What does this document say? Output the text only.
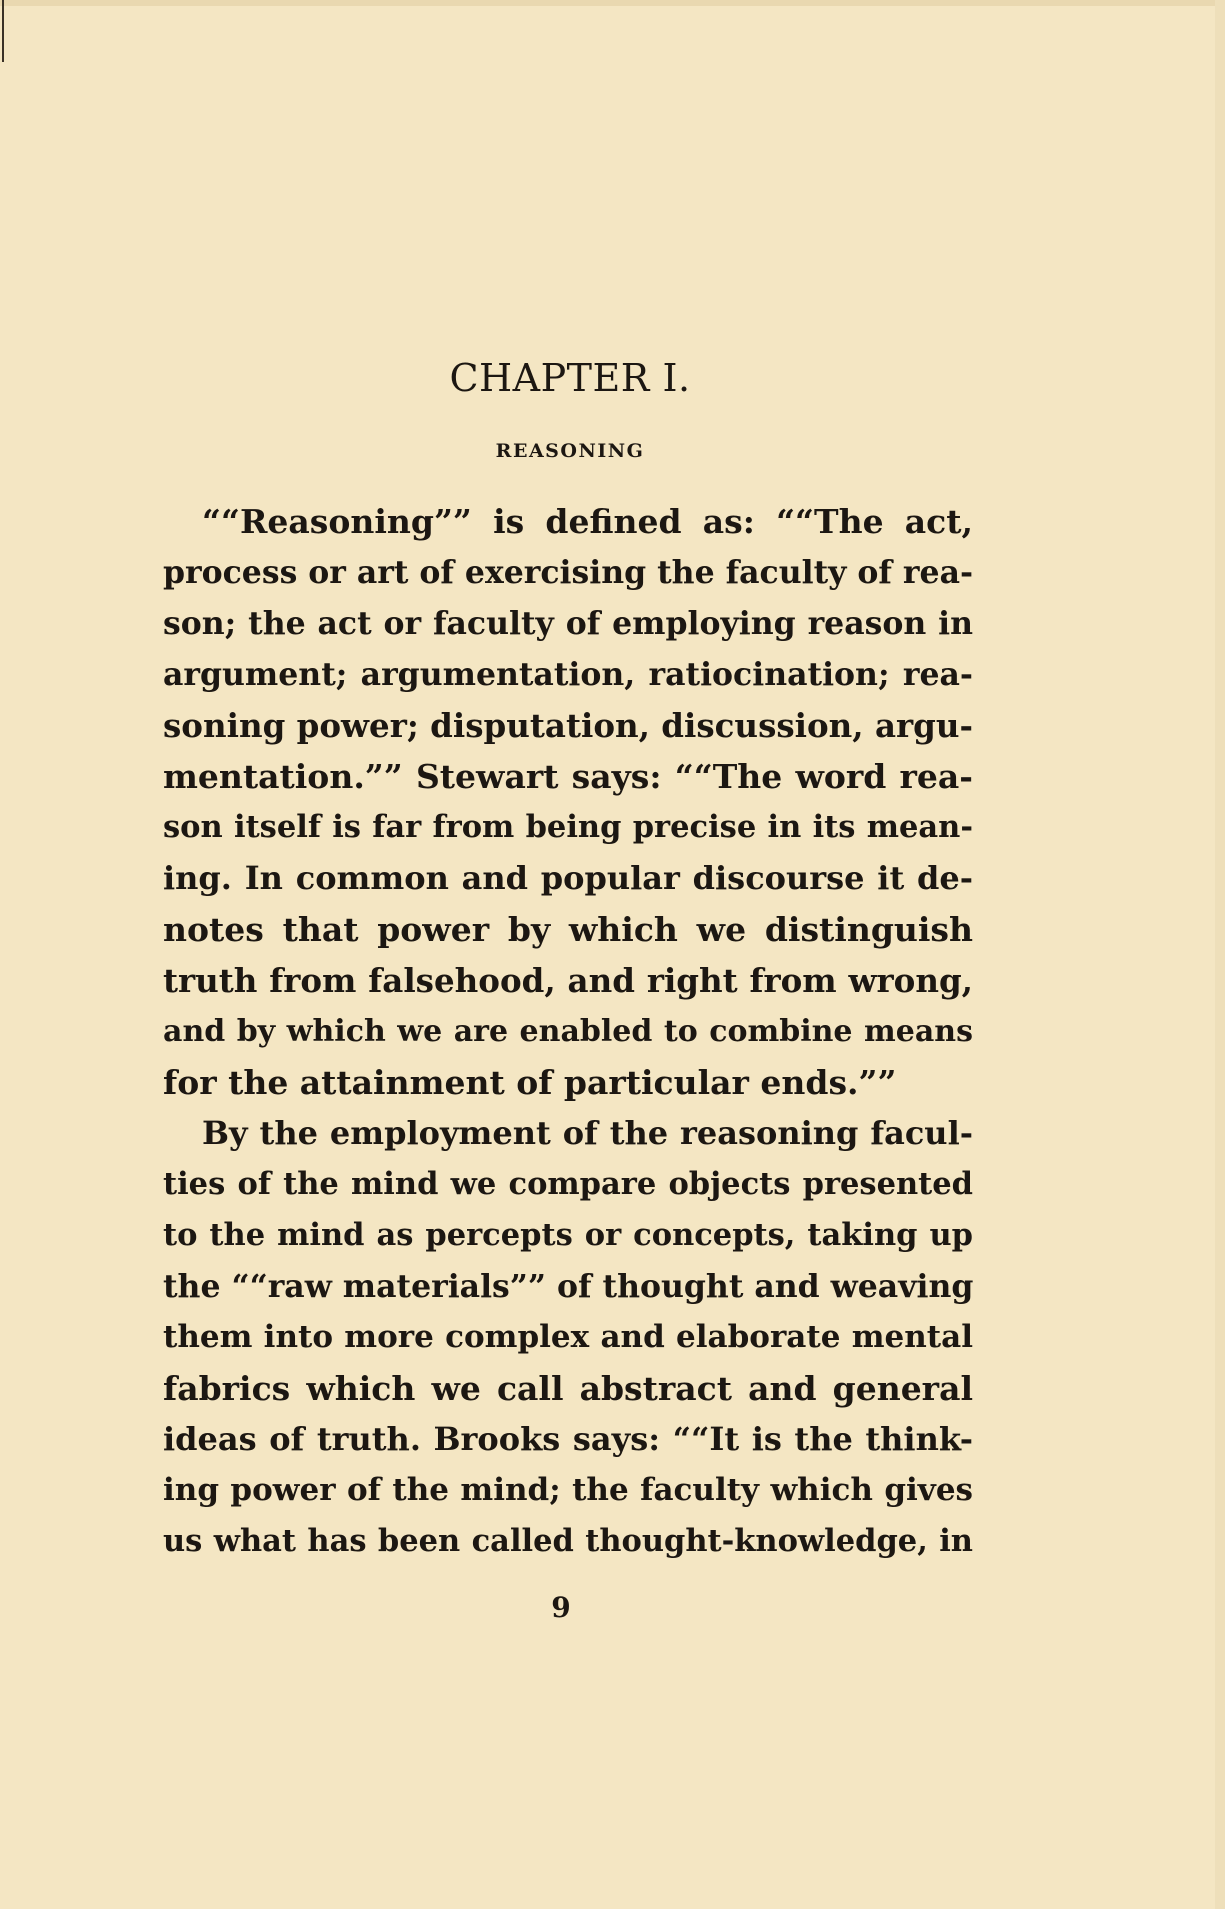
CHAPTER I.
REASONING
““Reasoning”” is defined as: ““The act,
process or art of exercising the faculty of rea-
son; the act or faculty of employing reason in
argument; argumentation, ratiocination; rea-
soning power; disputation, discussion, argu-
mentation.”” Stewart says: ““The word rea-
son itself is far from being precise in its mean-
ing. In common and popular discourse it de-
notes that power by which we distinguish
truth from falsehood, and right from wrong,
and by which we are enabled to combine means
for the attainment of particular ends.””
By the employment of the reasoning facul-
ties of the mind we compare objects presented
to the mind as percepts or concepts, taking up
the ““raw materials”” of thought and weaving
them into more complex and elaborate mental
fabrics which we call abstract and general
ideas of truth. Brooks says: ““It is the think-
ing power of the mind; the faculty which gives
us what has been called thought-knowledge, in
9
